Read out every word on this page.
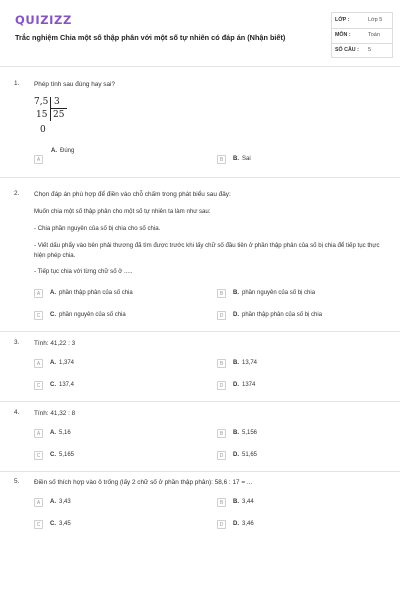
QUIZIZZ
Trắc nghiệm Chia một số thập phân với một số tự nhiên có đáp án (Nhận biết)
LỚP :	Lớp 5
MÔN :	Toán
SỐ CÂU : 5
1. Phép tính sau đúng hay sai?
7,5 3
15 25
0
A
A. Đúng
B	B. Sai
2. Chọn đáp án phù hợp để điền vào chỗ chấm trong phát biểu sau đây:
Muốn chia một số thập phân cho một số tự nhiên ta làm như sau:
- Chia phần nguyên của số bị chia cho số chia.
- Viết dấu phẩy vào bên phải thương đã tìm được trước khi lấy chữ số đầu tiên ở phần thập phân của số bị chia để tiếp tục thực hiện phép chia.
- Tiếp tục chia với từng chữ số ở .....
A	A. phần thập phân của số chia	B	B. phần nguyên của số bị chia
C	C. phần nguyên của số chia	D	D. phần thập phân của số bị chia
3. Tính: 41,22 : 3
A	A. 1,374	B	B. 13,74
C	C. 137,4	D	D. 1374
4. Tính: 41,32 : 8
A	A. 5,16	B	B. 5,156
C	C. 5,165	D	D. 51,65
5. Điền số thích hợp vào ô trống (lấy 2 chữ số ở phần thập phân): 58,6 : 17 = ...
A	A. 3,43	B	B. 3,44
C	C. 3,45	D	D. 3,46
